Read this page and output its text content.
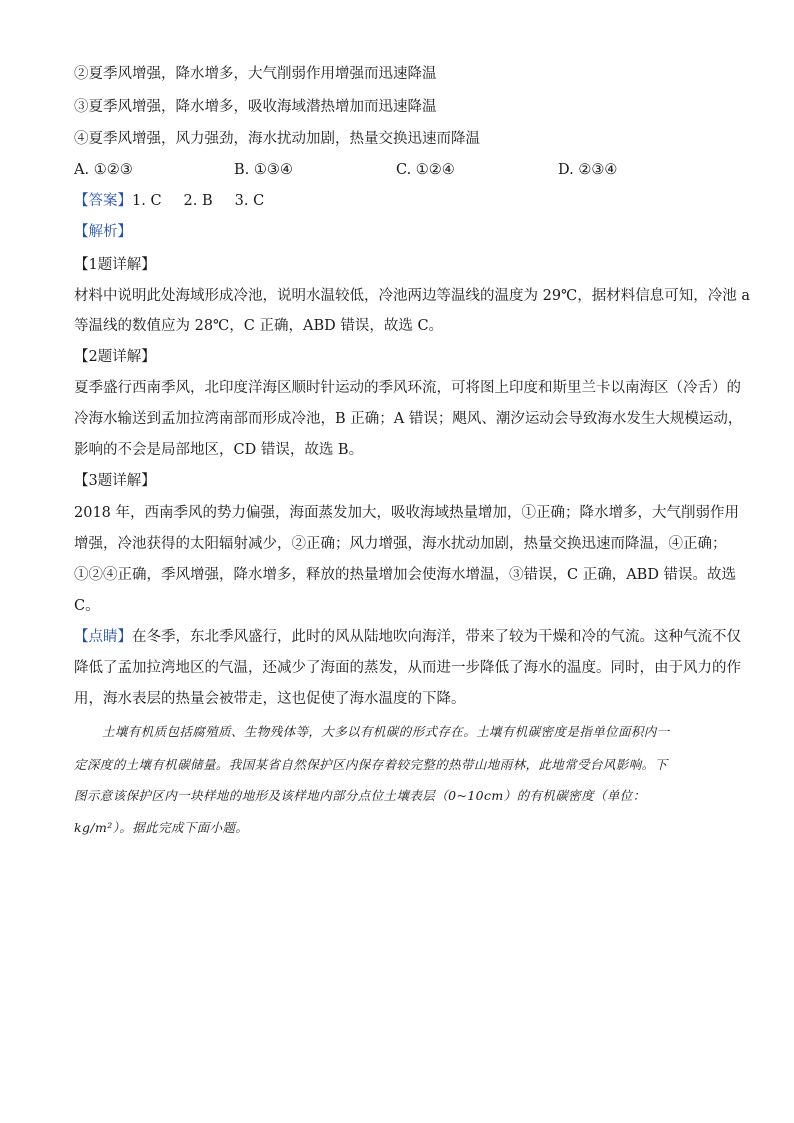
②夏季风增强，降水增多，大气削弱作用增强而迅速降温
③夏季风增强，降水增多，吸收海域潜热增加而迅速降温
④夏季风增强，风力强劲，海水扰动加剧，热量交换迅速而降温
A. ①②③	B. ①③④	C. ①②④	D. ②③④
【答案】1. C 2. B 3. C
【解析】
【1题详解】
材料中说明此处海域形成冷池，说明水温较低，冷池两边等温线的温度为 29℃，据材料信息可知，冷池 a
等温线的数值应为 28℃，C 正确，ABD 错误，故选 C。
【2题详解】
夏季盛行西南季风，北印度洋海区顺时针运动的季风环流，可将图上印度和斯里兰卡以南海区（冷舌）的
冷海水输送到孟加拉湾南部而形成冷池，B 正确；A 错误；飓风、潮汐运动会导致海水发生大规模运动，
影响的不会是局部地区，CD 错误，故选 B。
【3题详解】
2018 年，西南季风的势力偏强，海面蒸发加大，吸收海域热量增加，①正确；降水增多，大气削弱作用
增强，冷池获得的太阳辐射减少，②正确；风力增强，海水扰动加剧，热量交换迅速而降温，④正确；
①②④正确，季风增强，降水增多，释放的热量增加会使海水增温，③错误，C 正确，ABD 错误。故选
C。
【点睛】在冬季，东北季风盛行，此时的风从陆地吹向海洋，带来了较为干燥和冷的气流。这种气流不仅
降低了孟加拉湾地区的气温，还减少了海面的蒸发，从而进一步降低了海水的温度。同时，由于风力的作
用，海水表层的热量会被带走，这也促使了海水温度的下降。
土壤有机质包括腐殖质、生物残体等，大多以有机碳的形式存在。土壤有机碳密度是指单位面积内一
定深度的土壤有机碳储量。我国某省自然保护区内保存着较完整的热带山地雨林，此地常受台风影响。下
图示意该保护区内一块样地的地形及该样地内部分点位土壤表层（0~10cm）的有机碳密度（单位：
kg/m²）。据此完成下面小题。
